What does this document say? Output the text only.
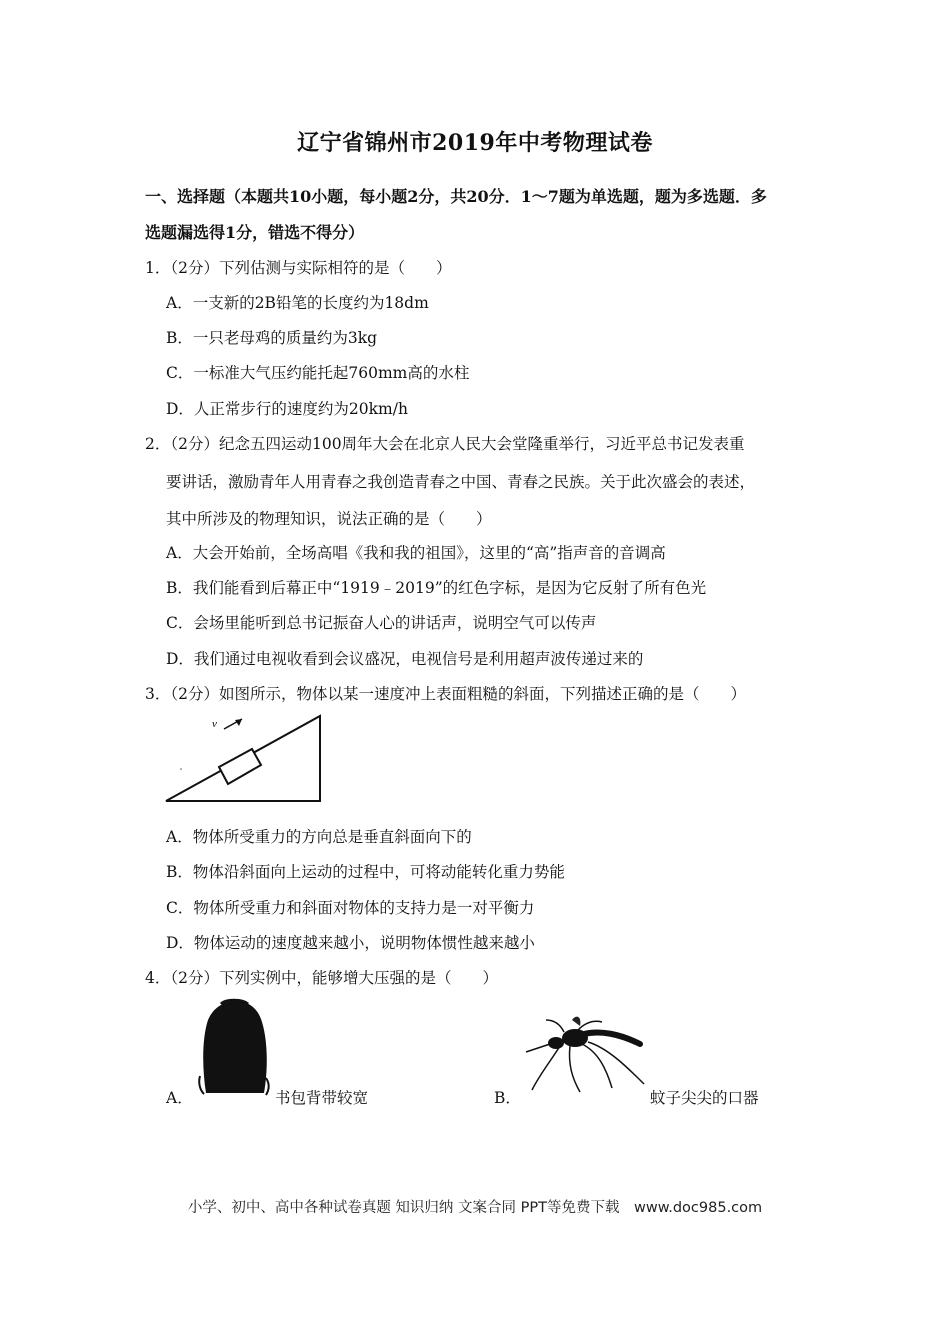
辽宁省锦州市2019年中考物理试卷
一、选择题（本题共10小题，每小题2分，共20分．1～7题为单选题，题为多选题．多
选题漏选得1分，错选不得分）
1．（2分）下列估测与实际相符的是（　　）
A．一支新的2B铅笔的长度约为18dm
B．一只老母鸡的质量约为3kg
C．一标准大气压约能托起760mm高的水柱
D．人正常步行的速度约为20km/h
2．（2分）纪念五四运动100周年大会在北京人民大会堂隆重举行，习近平总书记发表重
要讲话，激励青年人用青春之我创造青春之中国、青春之民族。关于此次盛会的表述，
其中所涉及的物理知识，说法正确的是（　　）
A．大会开始前，全场高唱《我和我的祖国》，这里的“高”指声音的音调高
B．我们能看到后幕正中“1919﹣2019”的红色字标，是因为它反射了所有色光
C．会场里能听到总书记振奋人心的讲话声，说明空气可以传声
D．我们通过电视收看到会议盛况，电视信号是利用超声波传递过来的
3．（2分）如图所示，物体以某一速度冲上表面粗糙的斜面，下列描述正确的是（　　）
v
A．物体所受重力的方向总是垂直斜面向下的
B．物体沿斜面向上运动的过程中，可将动能转化重力势能
C．物体所受重力和斜面对物体的支持力是一对平衡力
D．物体运动的速度越来越小，说明物体惯性越来越小
4．（2分）下列实例中，能够增大压强的是（　　）
A．	书包背带较宽	B．	蚊子尖尖的口器
小学、初中、高中各种试卷真题 知识归纳 文案合同 PPT等免费下载　www.doc985.com
